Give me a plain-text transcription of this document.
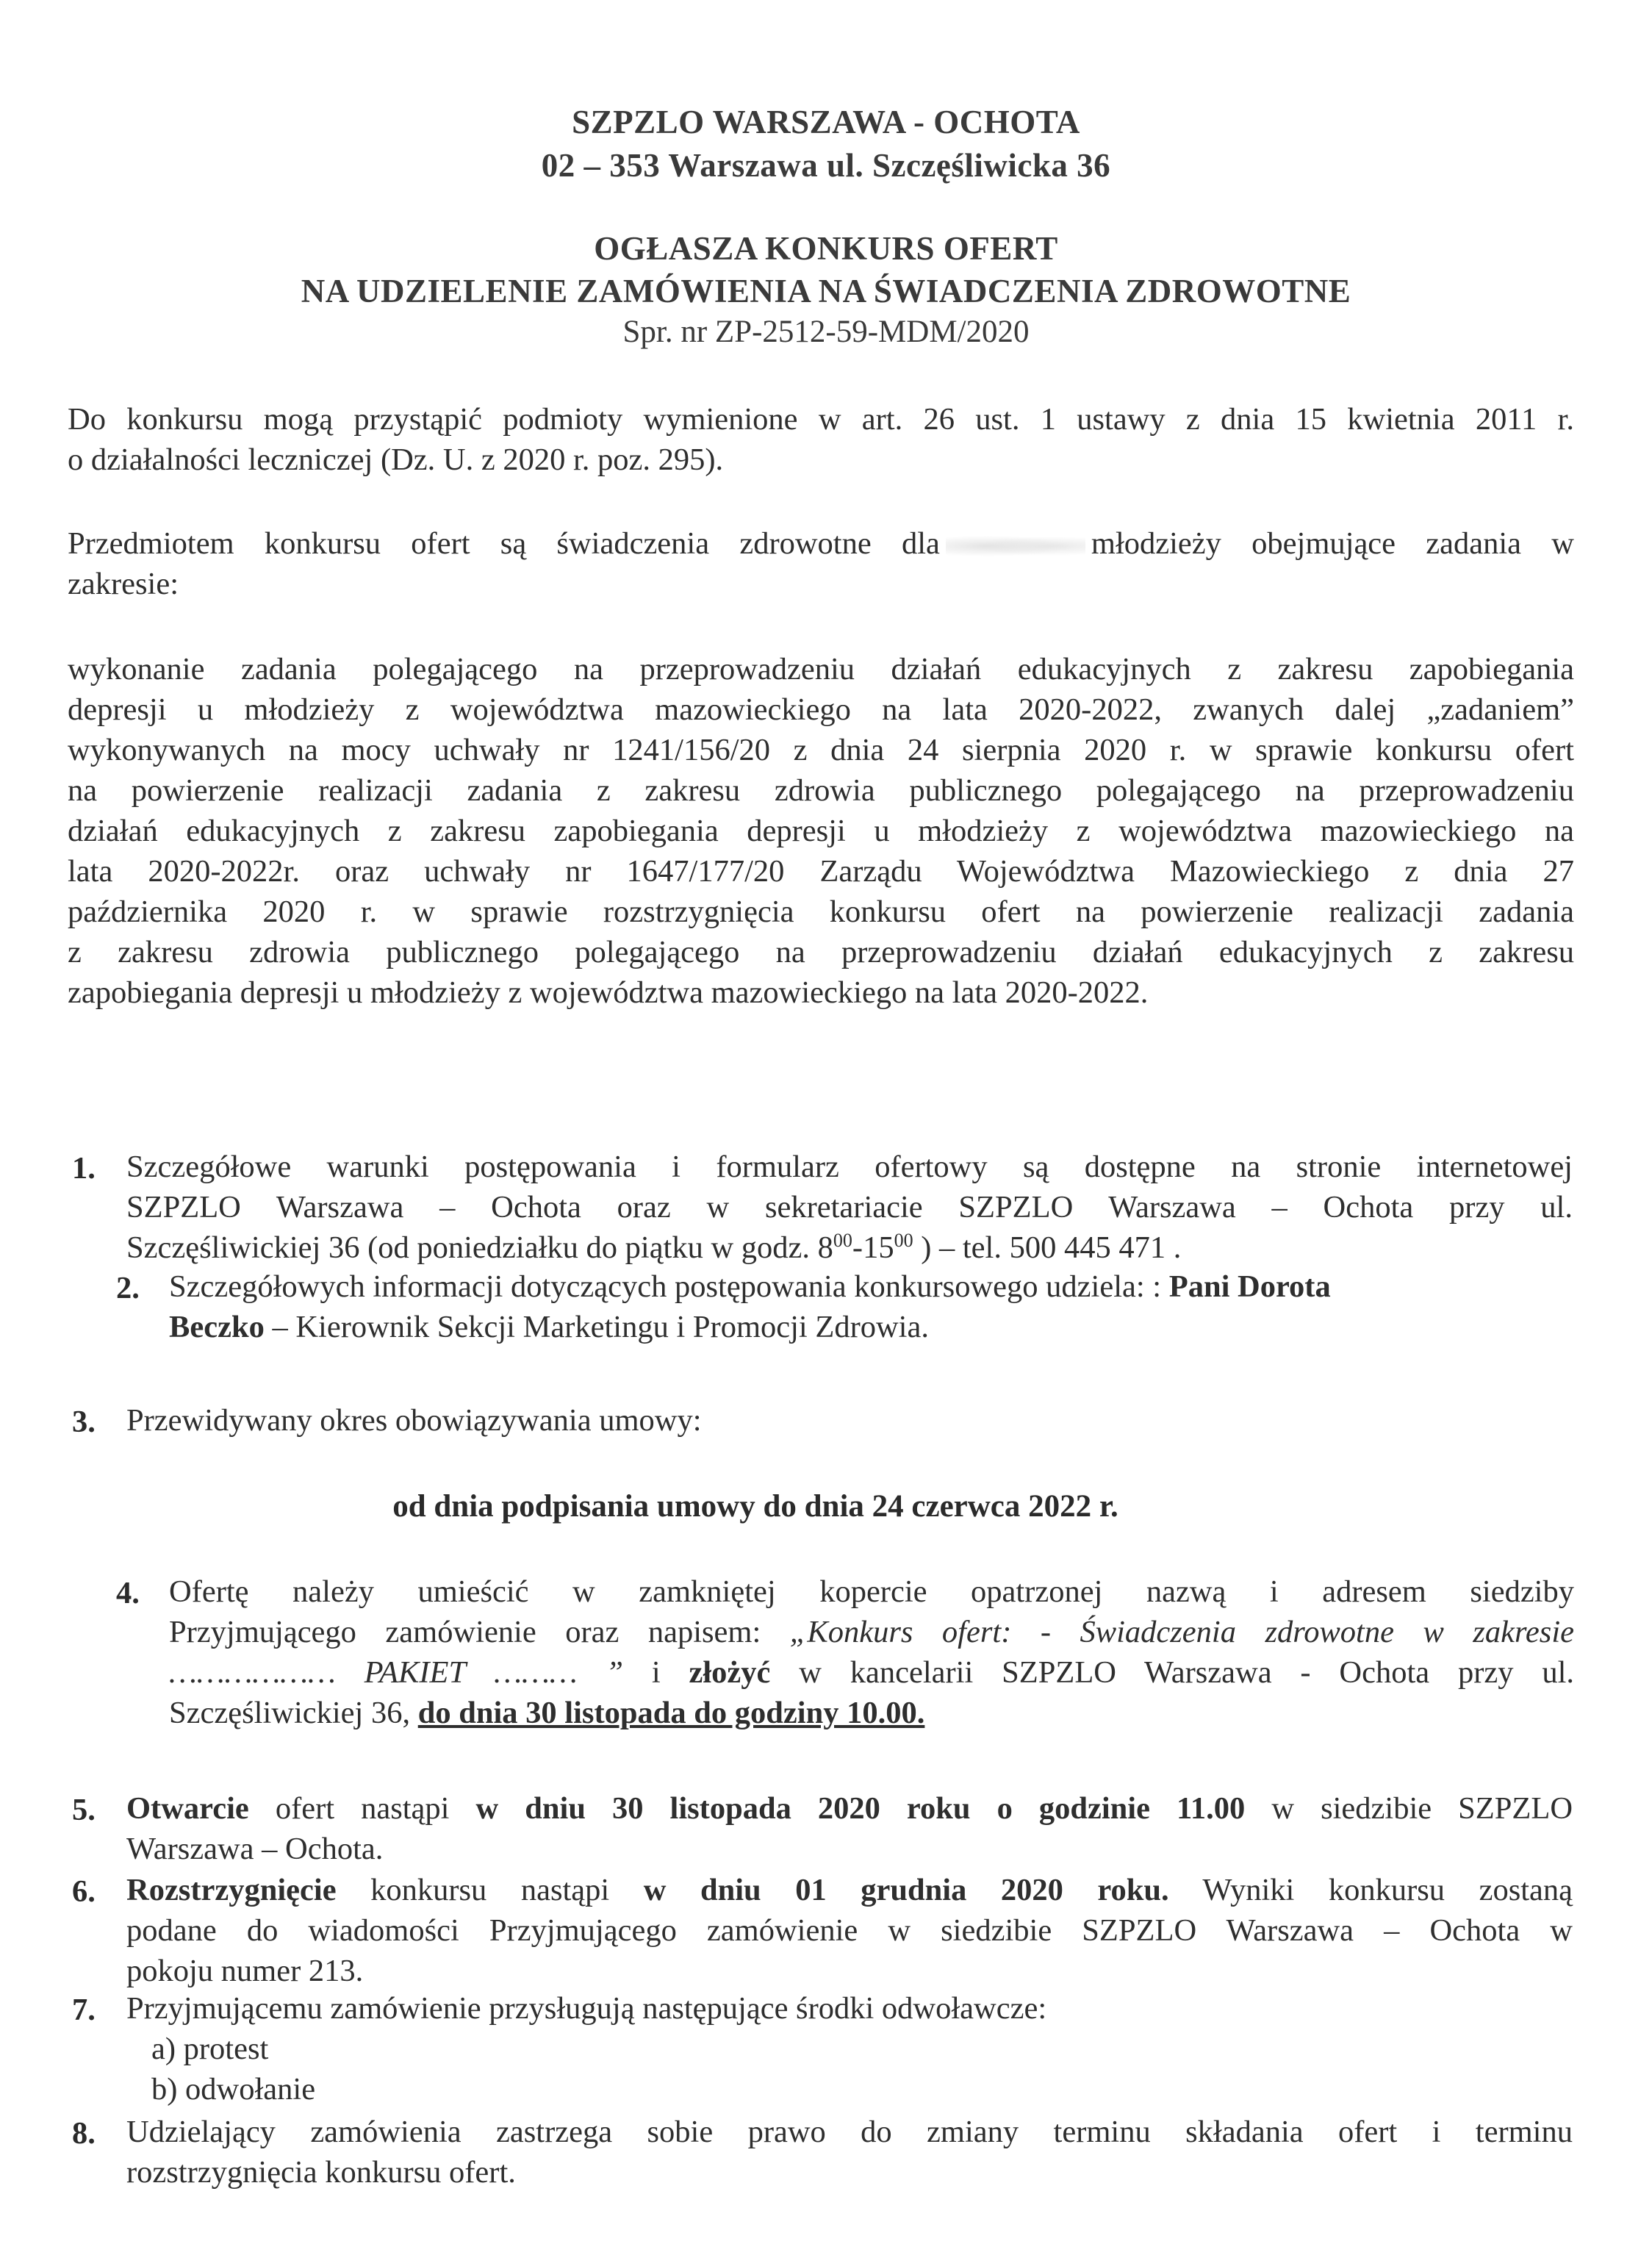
SZPZLO WARSZAWA - OCHOTA
02 – 353 Warszawa ul. Szczęśliwicka 36
OGŁASZA KONKURS OFERT
NA UDZIELENIE ZAMÓWIENIA NA ŚWIADCZENIA ZDROWOTNE
Spr. nr ZP-2512-59-MDM/2020
Do konkursu mogą przystąpić podmioty wymienione w art. 26 ust. 1 ustawy z dnia 15 kwietnia 2011 r.
o działalności leczniczej (Dz. U. z 2020 r. poz. 295).
Przedmiotem konkursu ofert są świadczenia zdrowotne dla	młodzieży obejmujące zadania w
zakresie:
wykonanie zadania polegającego na przeprowadzeniu działań edukacyjnych z zakresu zapobiegania
depresji u młodzieży z województwa mazowieckiego na lata 2020-2022, zwanych dalej „zadaniem”
wykonywanych na mocy uchwały nr 1241/156/20 z dnia 24 sierpnia 2020 r. w sprawie konkursu ofert
na powierzenie realizacji zadania z zakresu zdrowia publicznego polegającego na przeprowadzeniu
działań edukacyjnych z zakresu zapobiegania depresji u młodzieży z województwa mazowieckiego na
lata 2020-2022r. oraz uchwały nr 1647/177/20 Zarządu Województwa Mazowieckiego z dnia 27
października 2020 r. w sprawie rozstrzygnięcia konkursu ofert na powierzenie realizacji zadania
z zakresu zdrowia publicznego polegającego na przeprowadzeniu działań edukacyjnych z zakresu
zapobiegania depresji u młodzieży z województwa mazowieckiego na lata 2020-2022.
1. Szczegółowe warunki postępowania i formularz ofertowy są dostępne na stronie internetowej
SZPZLO Warszawa – Ochota oraz w sekretariacie SZPZLO Warszawa – Ochota przy ul.
Szczęśliwickiej 36 (od poniedziałku do piątku w godz. $8^{00}-15^{00}$ ) – tel. 500 445 471 .
2. Szczegółowych informacji dotyczących postępowania konkursowego udziela: : Pani Dorota
Beczko – Kierownik Sekcji Marketingu i Promocji Zdrowia.
3. Przewidywany okres obowiązywania umowy:
od dnia podpisania umowy do dnia 24 czerwca 2022 r.
4. Ofertę należy umieścić w zamkniętej kopercie opatrzonej nazwą i adresem siedziby
Przyjmującego zamówienie oraz napisem: „Konkurs ofert: - Świadczenia zdrowotne w zakresie
……………… PAKIET ……… ” i złożyć w kancelarii SZPZLO Warszawa - Ochota przy ul.
Szczęśliwickiej 36, do dnia 30 listopada do godziny 10.00.
5. Otwarcie ofert nastąpi w dniu 30 listopada 2020 roku o godzinie 11.00 w siedzibie SZPZLO
Warszawa – Ochota.
6. Rozstrzygnięcie konkursu nastąpi w dniu 01 grudnia 2020 roku. Wyniki konkursu zostaną
podane do wiadomości Przyjmującego zamówienie w siedzibie SZPZLO Warszawa – Ochota w
pokoju numer 213.
7. Przyjmującemu zamówienie przysługują następujące środki odwoławcze:
a) protest
b) odwołanie
8. Udzielający zamówienia zastrzega sobie prawo do zmiany terminu składania ofert i terminu
rozstrzygnięcia konkursu ofert.
